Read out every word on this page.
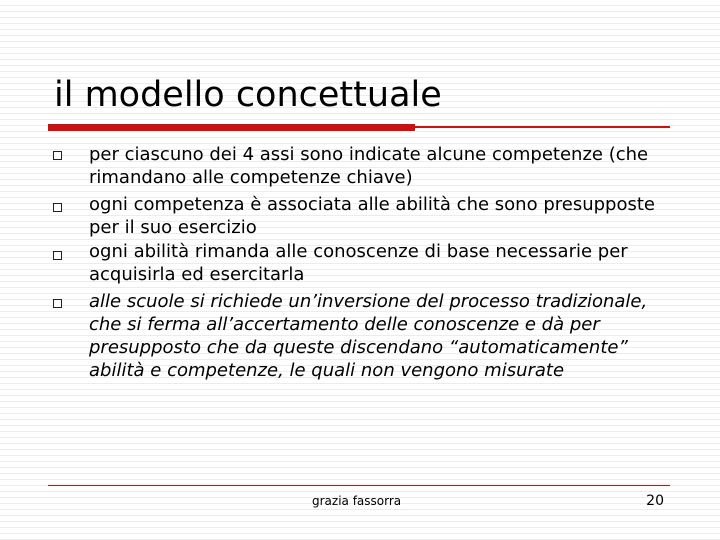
il modello concettuale

per ciascuno dei 4 assi sono indicate alcune competenze (che rimandano alle competenze chiave)

ogni competenza è associata alle abilità che sono presupposte per il suo esercizio

ogni abilità rimanda alle conoscenze di base necessarie per acquisirla ed esercitarla

alle scuole si richiede un’inversione del processo tradizionale, che si ferma all’accertamento delle conoscenze e dà per presupposto che da queste discendano “automaticamente” abilità e competenze, le quali non vengono misurate

grazia fassorra	20
